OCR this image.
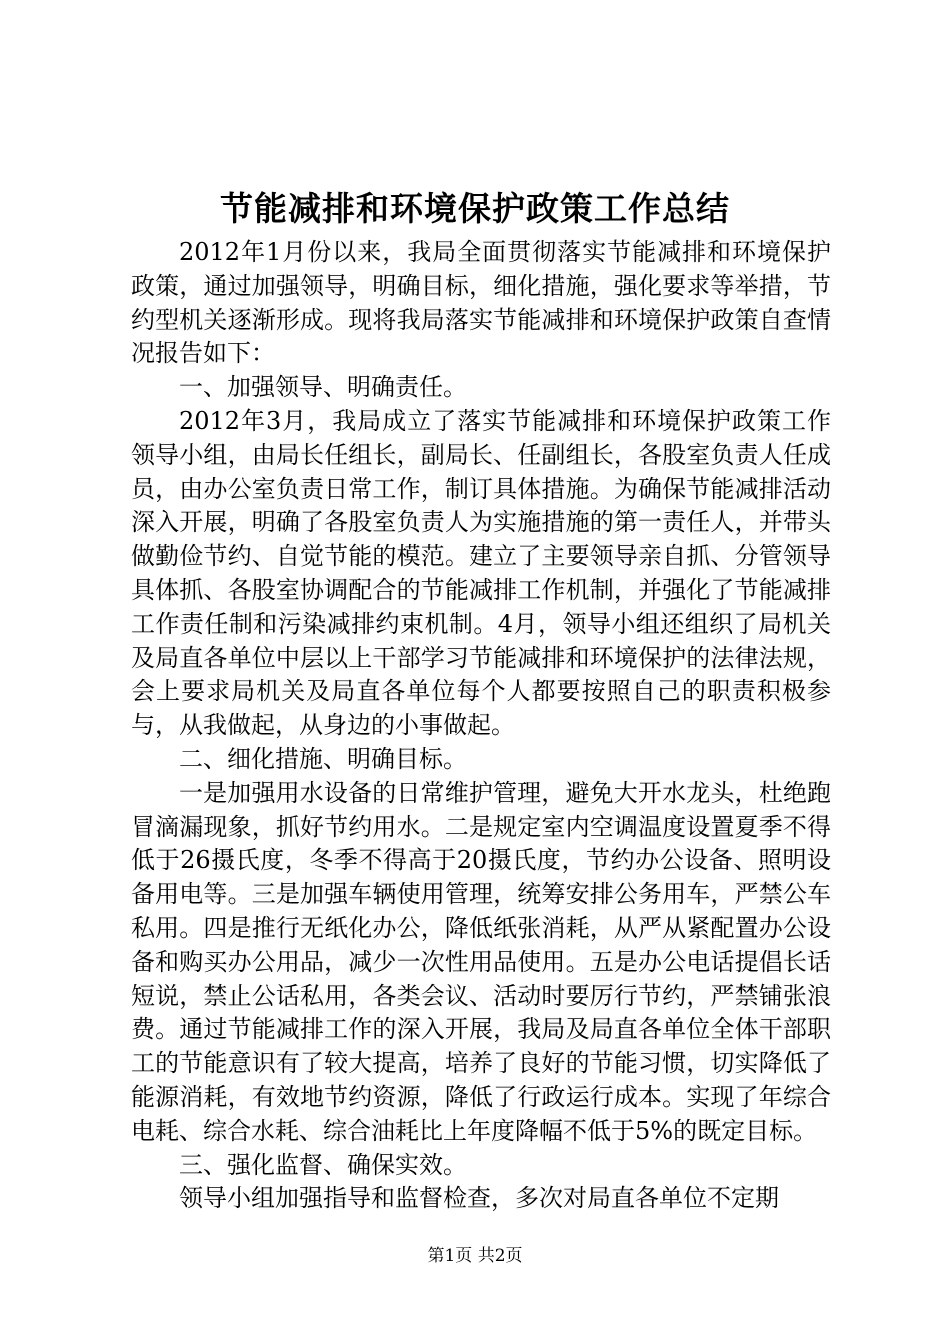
节能减排和环境保护政策工作总结

2012年1月份以来，我局全面贯彻落实节能减排和环境保护政策，通过加强领导，明确目标，细化措施，强化要求等举措，节约型机关逐渐形成。现将我局落实节能减排和环境保护政策自查情况报告如下：

一、加强领导、明确责任。

2012年3月，我局成立了落实节能减排和环境保护政策工作领导小组，由局长任组长，副局长、任副组长，各股室负责人任成员，由办公室负责日常工作，制订具体措施。为确保节能减排活动深入开展，明确了各股室负责人为实施措施的第一责任人，并带头做勤俭节约、自觉节能的模范。建立了主要领导亲自抓、分管领导具体抓、各股室协调配合的节能减排工作机制，并强化了节能减排工作责任制和污染减排约束机制。4月，领导小组还组织了局机关及局直各单位中层以上干部学习节能减排和环境保护的法律法规，会上要求局机关及局直各单位每个人都要按照自己的职责积极参与，从我做起，从身边的小事做起。

二、细化措施、明确目标。

一是加强用水设备的日常维护管理，避免大开水龙头，杜绝跑冒滴漏现象，抓好节约用水。二是规定室内空调温度设置夏季不得低于26摄氏度，冬季不得高于20摄氏度，节约办公设备、照明设备用电等。三是加强车辆使用管理，统筹安排公务用车，严禁公车私用。四是推行无纸化办公，降低纸张消耗，从严从紧配置办公设备和购买办公用品，减少一次性用品使用。五是办公电话提倡长话短说，禁止公话私用，各类会议、活动时要厉行节约，严禁铺张浪费。通过节能减排工作的深入开展，我局及局直各单位全体干部职工的节能意识有了较大提高，培养了良好的节能习惯，切实降低了能源消耗，有效地节约资源，降低了行政运行成本。实现了年综合电耗、综合水耗、综合油耗比上年度降幅不低于5%的既定目标。

三、强化监督、确保实效。

领导小组加强指导和监督检查，多次对局直各单位不定期

第1页 共2页
